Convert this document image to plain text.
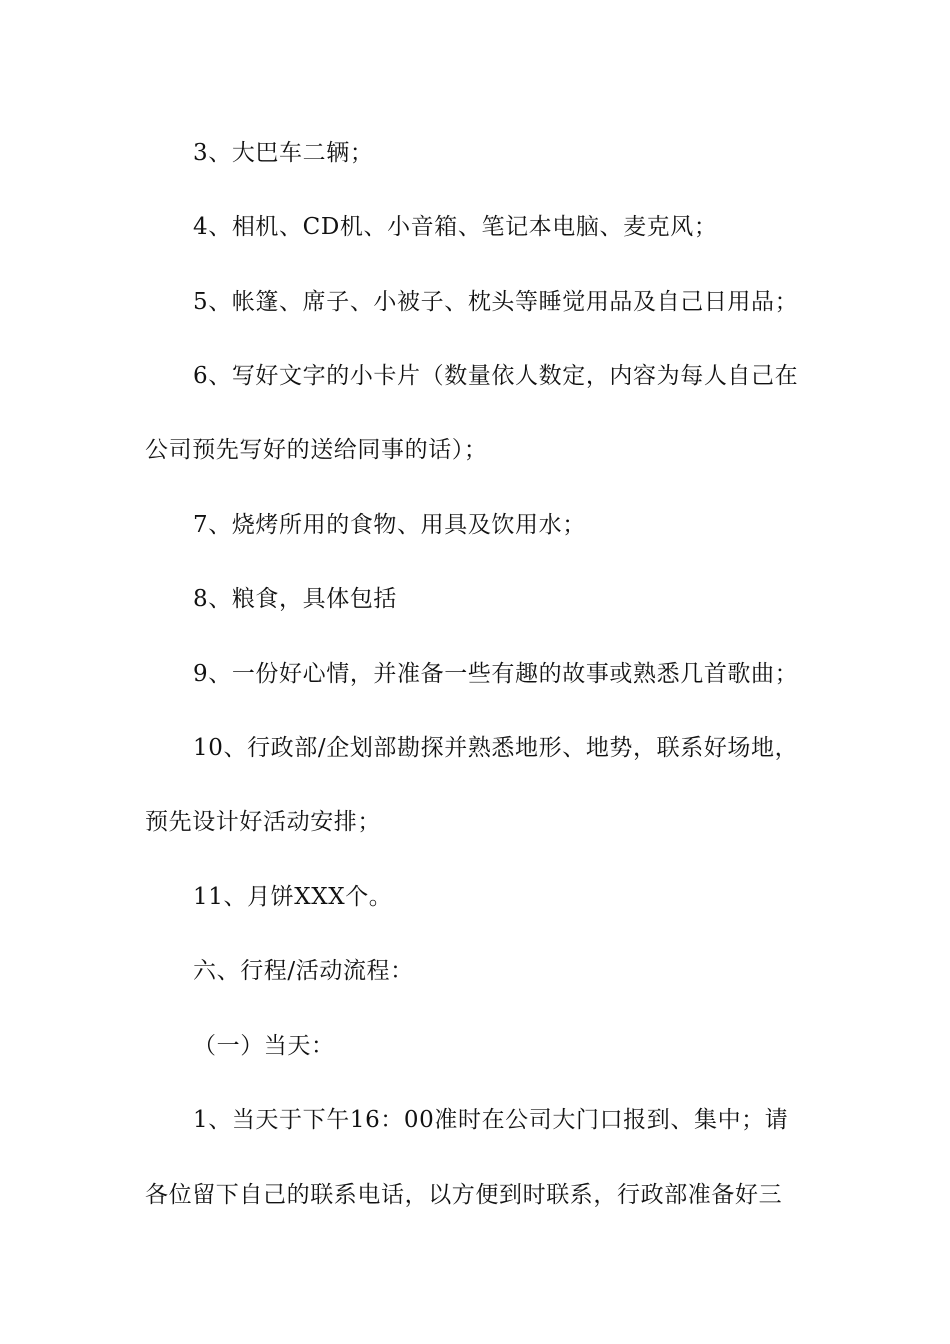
3、大巴车二辆；
4、相机、CD机、小音箱、笔记本电脑、麦克风；
5、帐篷、席子、小被子、枕头等睡觉用品及自己日用品；
6、写好文字的小卡片（数量依人数定，内容为每人自己在
公司预先写好的送给同事的话）；
7、烧烤所用的食物、用具及饮用水；
8、粮食，具体包括
9、一份好心情，并准备一些有趣的故事或熟悉几首歌曲；
10、行政部/企划部勘探并熟悉地形、地势，联系好场地，
预先设计好活动安排；
11、月饼XXX个。
六、行程/活动流程：
（一）当天：
1、当天于下午16：00准时在公司大门口报到、集中；请
各位留下自己的联系电话，以方便到时联系，行政部准备好三
